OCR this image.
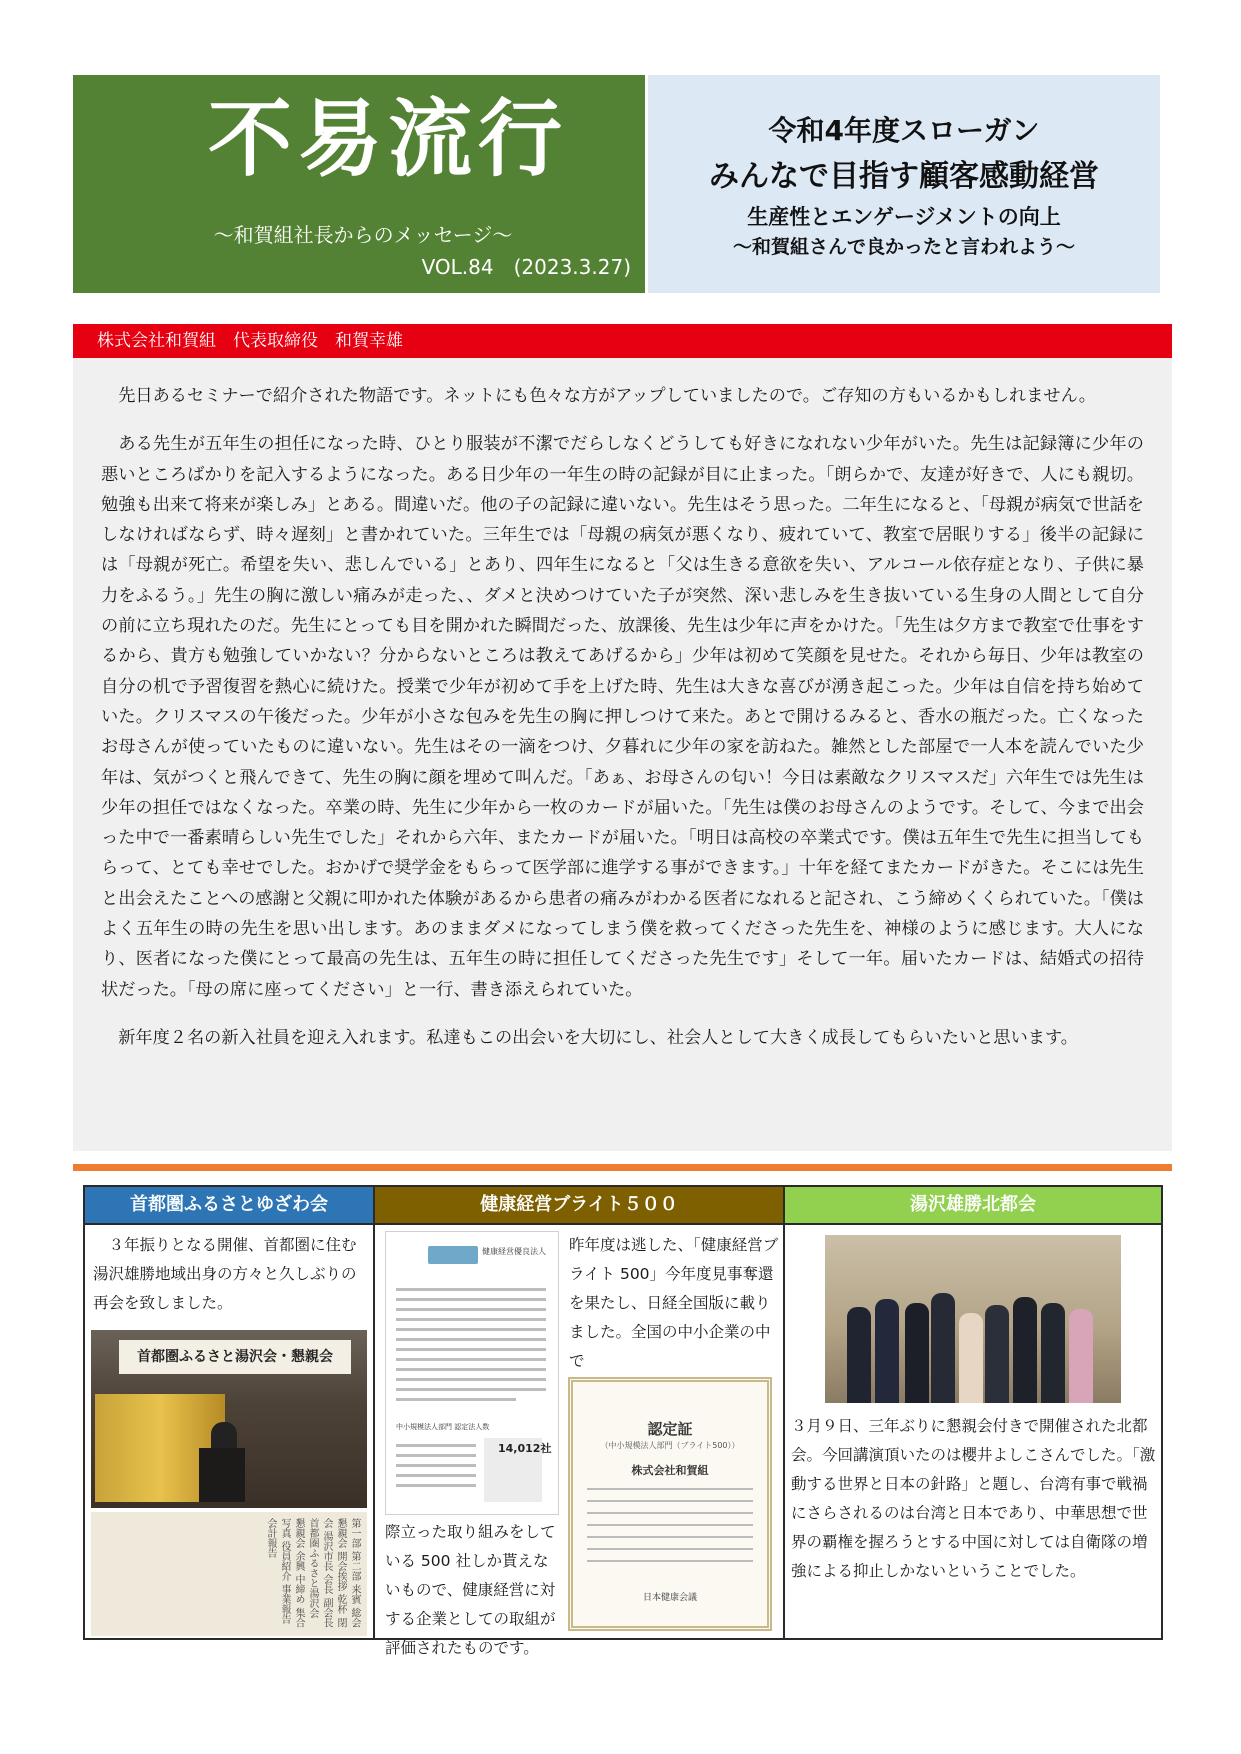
不易流行
〜和賀組社長からのメッセージ〜
VOL.84　(2023.3.27)
令和4年度スローガン
みんなで目指す顧客感動経営
生産性とエンゲージメントの向上
〜和賀組さんで良かったと言われよう〜
株式会社和賀組　代表取締役　和賀幸雄

先日あるセミナーで紹介された物語です。ネットにも色々な方がアップしていましたので。ご存知の方もいるかもしれません。

ある先生が五年生の担任になった時、ひとり服装が不潔でだらしなくどうしても好きになれない少年がいた。先生は記録簿に少年の悪いところばかりを記入するようになった。ある日少年の一年生の時の記録が目に止まった。「朗らかで、友達が好きで、人にも親切。勉強も出来て将来が楽しみ」とある。間違いだ。他の子の記録に違いない。先生はそう思った。二年生になると、「母親が病気で世話をしなければならず、時々遅刻」と書かれていた。三年生では「母親の病気が悪くなり、疲れていて、教室で居眠りする」後半の記録には「母親が死亡。希望を失い、悲しんでいる」とあり、四年生になると「父は生きる意欲を失い、アルコール依存症となり、子供に暴力をふるう。」先生の胸に激しい痛みが走った、、ダメと決めつけていた子が突然、深い悲しみを生き抜いている生身の人間として自分の前に立ち現れたのだ。先生にとっても目を開かれた瞬間だった、放課後、先生は少年に声をかけた。「先生は夕方まで教室で仕事をするから、貴方も勉強していかない？分からないところは教えてあげるから」少年は初めて笑顔を見せた。それから毎日、少年は教室の自分の机で予習復習を熱心に続けた。授業で少年が初めて手を上げた時、先生は大きな喜びが湧き起こった。少年は自信を持ち始めていた。クリスマスの午後だった。少年が小さな包みを先生の胸に押しつけて来た。あとで開けるみると、香水の瓶だった。亡くなったお母さんが使っていたものに違いない。先生はその一滴をつけ、夕暮れに少年の家を訪ねた。雑然とした部屋で一人本を読んでいた少年は、気がつくと飛んできて、先生の胸に顔を埋めて叫んだ。「あぁ、お母さんの匂い！今日は素敵なクリスマスだ」六年生では先生は少年の担任ではなくなった。卒業の時、先生に少年から一枚のカードが届いた。「先生は僕のお母さんのようです。そして、今まで出会った中で一番素晴らしい先生でした」それから六年、またカードが届いた。「明日は高校の卒業式です。僕は五年生で先生に担当してもらって、とても幸せでした。おかげで奨学金をもらって医学部に進学する事ができます。」十年を経てまたカードがきた。そこには先生と出会えたことへの感謝と父親に叩かれた体験があるから患者の痛みがわかる医者になれると記され、こう締めくくられていた。「僕はよく五年生の時の先生を思い出します。あのままダメになってしまう僕を救ってくださった先生を、神様のように感じます。大人になり、医者になった僕にとって最高の先生は、五年生の時に担任してくださった先生です」そして一年。届いたカードは、結婚式の招待状だった。「母の席に座ってください」と一行、書き添えられていた。

新年度２名の新入社員を迎え入れます。私達もこの出会いを大切にし、社会人として大きく成長してもらいたいと思います。

首都圏ふるさとゆざわ会
３年振りとなる開催、首都圏に住む湯沢雄勝地域出身の方々と久しぶりの再会を致しました。
首都圏ふるさと湯沢会・懇親会
第一部 第二部 来賓 総会 懇親会 開会挨拶 乾杯 閉会 湯沢市長 会長 副会長 首都圏ふるさと湯沢会 懇親会 余興 中締め 集合写真 役員紹介 事業報告 会計報告
健康経営ブライト５００
健康経営優良法人
中小規模法人部門 認定法人数
14,012社
昨年度は逃した、「健康経営ブライト 500」今年度見事奪還を果たし、日経全国版に載りました。全国の中小企業の中で
認定証
（中小規模法人部門（ブライト500））
株式会社和賀組
日本健康会議
際立った取り組みをしている 500 社しか貰えないもので、健康経営に対する企業としての取組が評価されたものです。
湯沢雄勝北都会
３月９日、三年ぶりに懇親会付きで開催された北都会。今回講演頂いたのは櫻井よしこさんでした。「激動する世界と日本の針路」と題し、台湾有事で戦禍にさらされるのは台湾と日本であり、中華思想で世界の覇権を握ろうとする中国に対しては自衛隊の増強による抑止しかないということでした。
